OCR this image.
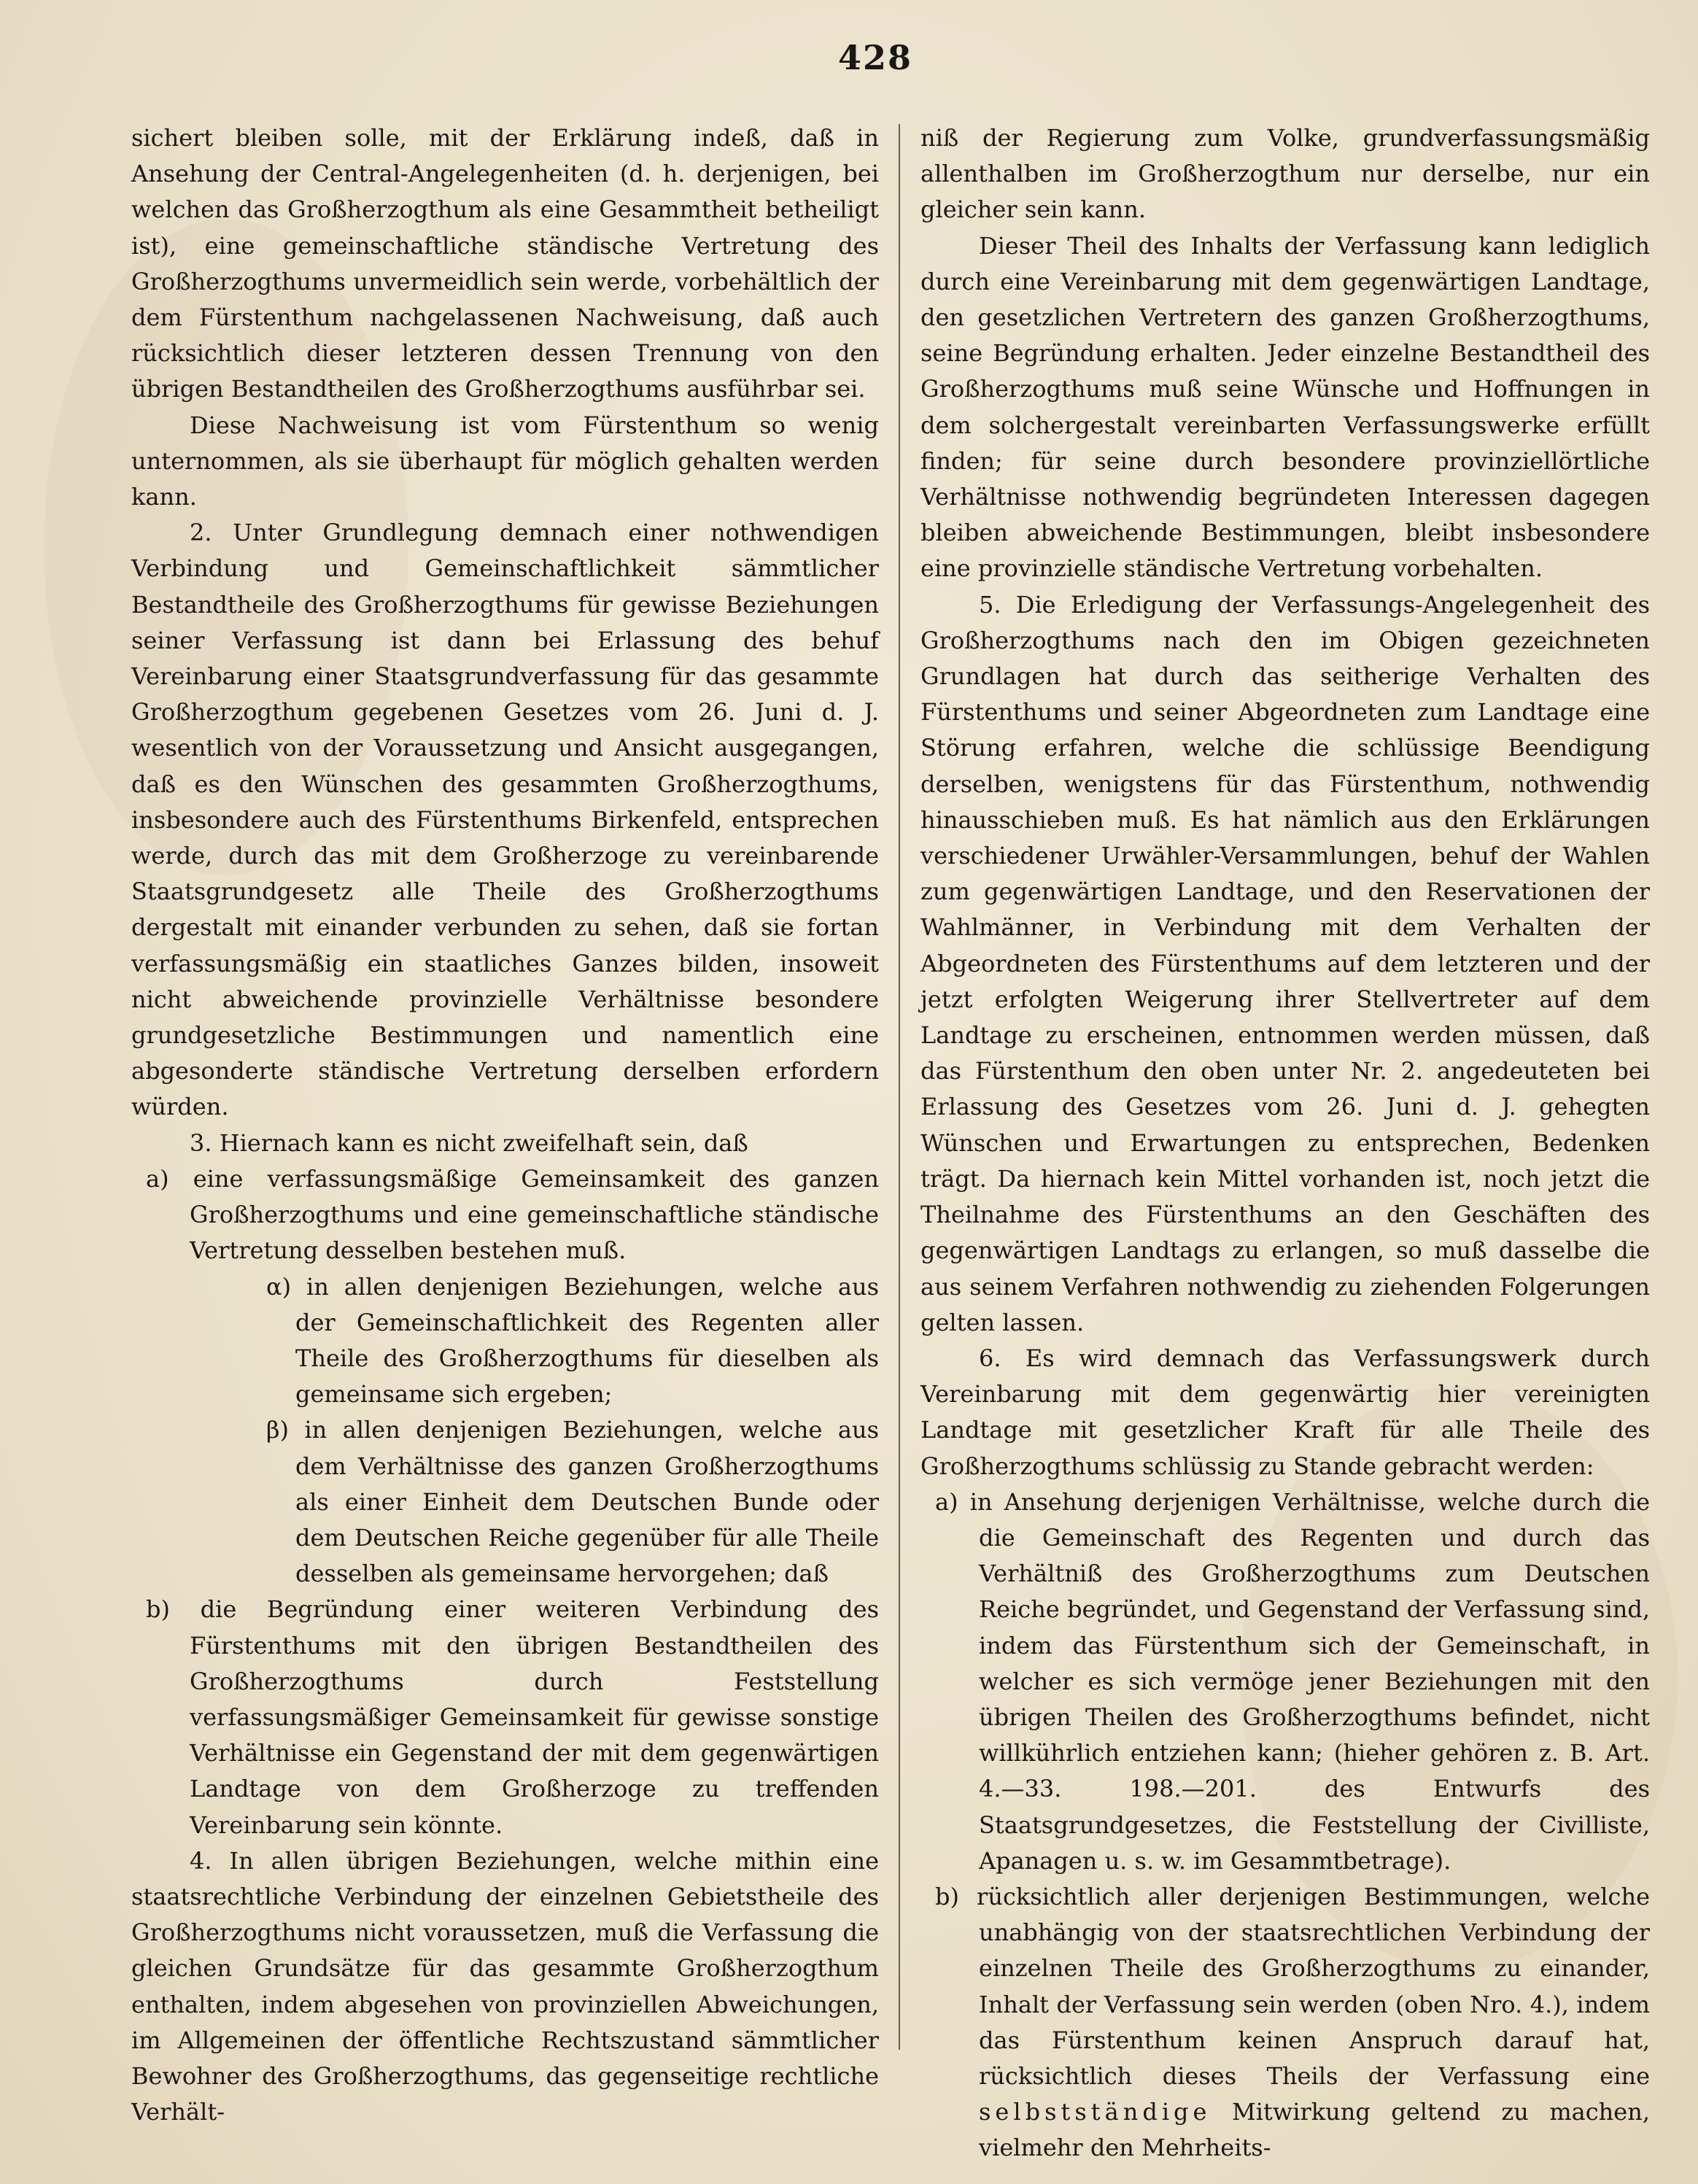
428

sichert bleiben solle, mit der Erklärung indeß, daß in Ansehung der Central-Angelegenheiten (d. h. derjenigen, bei welchen das Großherzogthum als eine Gesammtheit betheiligt ist), eine gemeinschaftliche ständische Vertretung des Großherzogthums unvermeidlich sein werde, vorbehältlich der dem Fürstenthum nachgelassenen Nachweisung, daß auch rücksichtlich dieser letzteren dessen Trennung von den übrigen Bestandtheilen des Großherzogthums ausführbar sei.

Diese Nachweisung ist vom Fürstenthum so wenig unternommen, als sie überhaupt für möglich gehalten werden kann.

2. Unter Grundlegung demnach einer nothwendigen Verbindung und Gemeinschaftlichkeit sämmtlicher Bestandtheile des Großherzogthums für gewisse Beziehungen seiner Verfassung ist dann bei Erlassung des behuf Vereinbarung einer Staatsgrundverfassung für das gesammte Großherzogthum gegebenen Gesetzes vom 26. Juni d. J. wesentlich von der Voraussetzung und Ansicht ausgegangen, daß es den Wünschen des gesammten Großherzogthums, insbesondere auch des Fürstenthums Birkenfeld, entsprechen werde, durch das mit dem Großherzoge zu vereinbarende Staatsgrundgesetz alle Theile des Großherzogthums dergestalt mit einander verbunden zu sehen, daß sie fortan verfassungsmäßig ein staatliches Ganzes bilden, insoweit nicht abweichende provinzielle Verhältnisse besondere grundgesetzliche Bestimmungen und namentlich eine abgesonderte ständische Vertretung derselben erfordern würden.

3. Hiernach kann es nicht zweifelhaft sein, daß

a) eine verfassungsmäßige Gemeinsamkeit des ganzen Großherzogthums und eine gemeinschaftliche ständische Vertretung desselben bestehen muß.

α) in allen denjenigen Beziehungen, welche aus der Gemeinschaftlichkeit des Regenten aller Theile des Großherzogthums für dieselben als gemeinsame sich ergeben;

β) in allen denjenigen Beziehungen, welche aus dem Verhältnisse des ganzen Großherzogthums als einer Einheit dem Deutschen Bunde oder dem Deutschen Reiche gegenüber für alle Theile desselben als gemeinsame hervorgehen; daß

b) die Begründung einer weiteren Verbindung des Fürstenthums mit den übrigen Bestandtheilen des Großherzogthums durch Feststellung verfassungsmäßiger Gemeinsamkeit für gewisse sonstige Verhältnisse ein Gegenstand der mit dem gegenwärtigen Landtage von dem Großherzoge zu treffenden Vereinbarung sein könnte.

4. In allen übrigen Beziehungen, welche mithin eine staatsrechtliche Verbindung der einzelnen Gebietstheile des Großherzogthums nicht voraussetzen, muß die Verfassung die gleichen Grundsätze für das gesammte Großherzogthum enthalten, indem abgesehen von provinziellen Abweichungen, im Allgemeinen der öffentliche Rechtszustand sämmtlicher Bewohner des Großherzogthums, das gegenseitige rechtliche Verhält-

niß der Regierung zum Volke, grundverfassungsmäßig allenthalben im Großherzogthum nur derselbe, nur ein gleicher sein kann.

Dieser Theil des Inhalts der Verfassung kann lediglich durch eine Vereinbarung mit dem gegenwärtigen Landtage, den gesetzlichen Vertretern des ganzen Großherzogthums, seine Begründung erhalten. Jeder einzelne Bestandtheil des Großherzogthums muß seine Wünsche und Hoffnungen in dem solchergestalt vereinbarten Verfassungswerke erfüllt finden; für seine durch besondere provinziellörtliche Verhältnisse nothwendig begründeten Interessen dagegen bleiben abweichende Bestimmungen, bleibt insbesondere eine provinzielle ständische Vertretung vorbehalten.

5. Die Erledigung der Verfassungs-Angelegenheit des Großherzogthums nach den im Obigen gezeichneten Grundlagen hat durch das seitherige Verhalten des Fürstenthums und seiner Abgeordneten zum Landtage eine Störung erfahren, welche die schlüssige Beendigung derselben, wenigstens für das Fürstenthum, nothwendig hinausschieben muß. Es hat nämlich aus den Erklärungen verschiedener Urwähler-Versammlungen, behuf der Wahlen zum gegenwärtigen Landtage, und den Reservationen der Wahlmänner, in Verbindung mit dem Verhalten der Abgeordneten des Fürstenthums auf dem letzteren und der jetzt erfolgten Weigerung ihrer Stellvertreter auf dem Landtage zu erscheinen, entnommen werden müssen, daß das Fürstenthum den oben unter Nr. 2. angedeuteten bei Erlassung des Gesetzes vom 26. Juni d. J. gehegten Wünschen und Erwartungen zu entsprechen, Bedenken trägt. Da hiernach kein Mittel vorhanden ist, noch jetzt die Theilnahme des Fürstenthums an den Geschäften des gegenwärtigen Landtags zu erlangen, so muß dasselbe die aus seinem Verfahren nothwendig zu ziehenden Folgerungen gelten lassen.

6. Es wird demnach das Verfassungswerk durch Vereinbarung mit dem gegenwärtig hier vereinigten Landtage mit gesetzlicher Kraft für alle Theile des Großherzogthums schlüssig zu Stande gebracht werden:

a) in Ansehung derjenigen Verhältnisse, welche durch die die Gemeinschaft des Regenten und durch das Verhältniß des Großherzogthums zum Deutschen Reiche begründet, und Gegenstand der Verfassung sind, indem das Fürstenthum sich der Gemeinschaft, in welcher es sich vermöge jener Beziehungen mit den übrigen Theilen des Großherzogthums befindet, nicht willkührlich entziehen kann; (hieher gehören z. B. Art. 4.—33. 198.—201. des Entwurfs des Staatsgrundgesetzes, die Feststellung der Civilliste, Apanagen u. s. w. im Gesammtbetrage).

b) rücksichtlich aller derjenigen Bestimmungen, welche unabhängig von der staatsrechtlichen Verbindung der einzelnen Theile des Großherzogthums zu einander, Inhalt der Verfassung sein werden (oben Nro. 4.), indem das Fürstenthum keinen Anspruch darauf hat, rücksichtlich dieses Theils der Verfassung eine selbstständige Mitwirkung geltend zu machen, vielmehr den Mehrheits-
